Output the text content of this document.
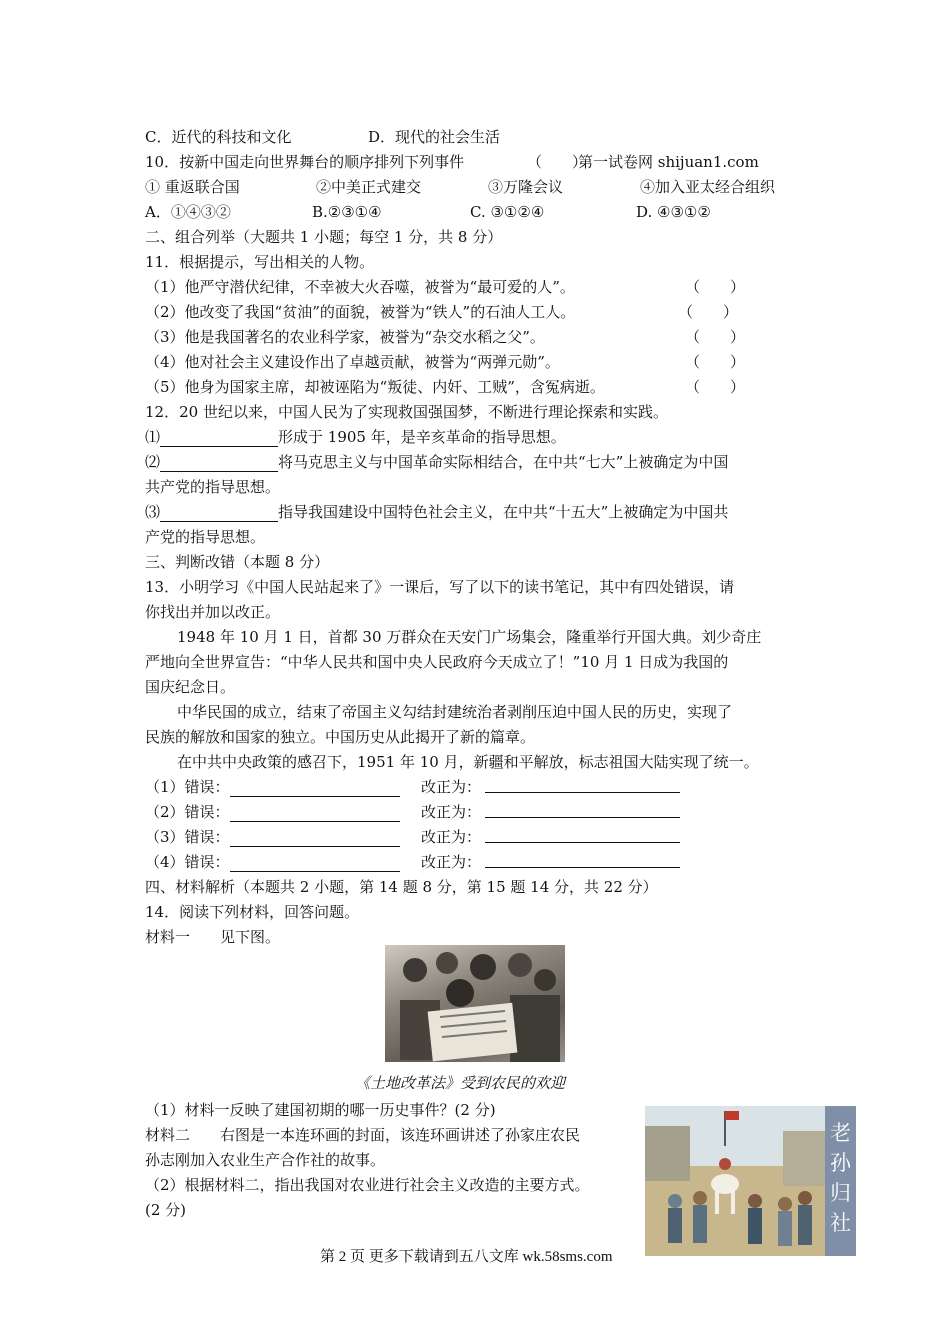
C．近代的科技和文化	D．现代的社会生活
10．按新中国走向世界舞台的顺序排列下列事件	（　　）
第一试卷网 shijuan1.com
① 重返联合国	②中美正式建交	③万隆会议	④加入亚太经合组织
A．①④③②	B.②③①④	C. ③①②④	D. ④③①②
二、组合列举（大题共 1 小题；每空 1 分，共 8 分）
11．根据提示，写出相关的人物。
（1）他严守潜伏纪律，不幸被大火吞噬，被誉为“最可爱的人”。	（　　）
（2）他改变了我国“贫油”的面貌，被誉为“铁人”的石油人工人。	（　　）
（3）他是我国著名的农业科学家，被誉为“杂交水稻之父”。	（　　）
（4）他对社会主义建设作出了卓越贡献，被誉为“两弹元勋”。	（　　）
（5）他身为国家主席，却被诬陷为“叛徒、内奸、工贼”，含冤病逝。	（　　）
12．20 世纪以来，中国人民为了实现救国强国梦，不断进行理论探索和实践。
⑴	形成于 1905 年，是辛亥革命的指导思想。
⑵	将马克思主义与中国革命实际相结合，在中共“七大”上被确定为中国
共产党的指导思想。
⑶	指导我国建设中国特色社会主义，在中共“十五大”上被确定为中国共
产党的指导思想。
三、判断改错（本题 8 分）
13．小明学习《中国人民站起来了》一课后，写了以下的读书笔记，其中有四处错误，请
你找出并加以改正。
1948 年 10 月 1 日，首都 30 万群众在天安门广场集会，隆重举行开国大典。刘少奇庄
严地向全世界宣告：“中华人民共和国中央人民政府今天成立了！”10 月 1 日成为我国的
国庆纪念日。
中华民国的成立，结束了帝国主义勾结封建统治者剥削压迫中国人民的历史，实现了
民族的解放和国家的独立。中国历史从此揭开了新的篇章。
在中共中央政策的感召下，1951 年 10 月，新疆和平解放，标志祖国大陆实现了统一。
（1）错误：	改正为：
（2）错误：	改正为：
（3）错误：	改正为：
（4）错误：	改正为：
四、材料解析（本题共 2 小题，第 14 题 8 分，第 15 题 14 分，共 22 分）
14．阅读下列材料，回答问题。
材料一　　见下图。
《土地改革法》受到农民的欢迎
（1）材料一反映了建国初期的哪一历史事件？(2 分)
材料二　　右图是一本连环画的封面，该连环画讲述了孙家庄农民
孙志刚加入农业生产合作社的故事。
（2）根据材料二，指出我国对农业进行社会主义改造的主要方式。
(2 分)
老
孙
归
社
第 2 页 更多下载请到五八文库 wk.58sms.com
